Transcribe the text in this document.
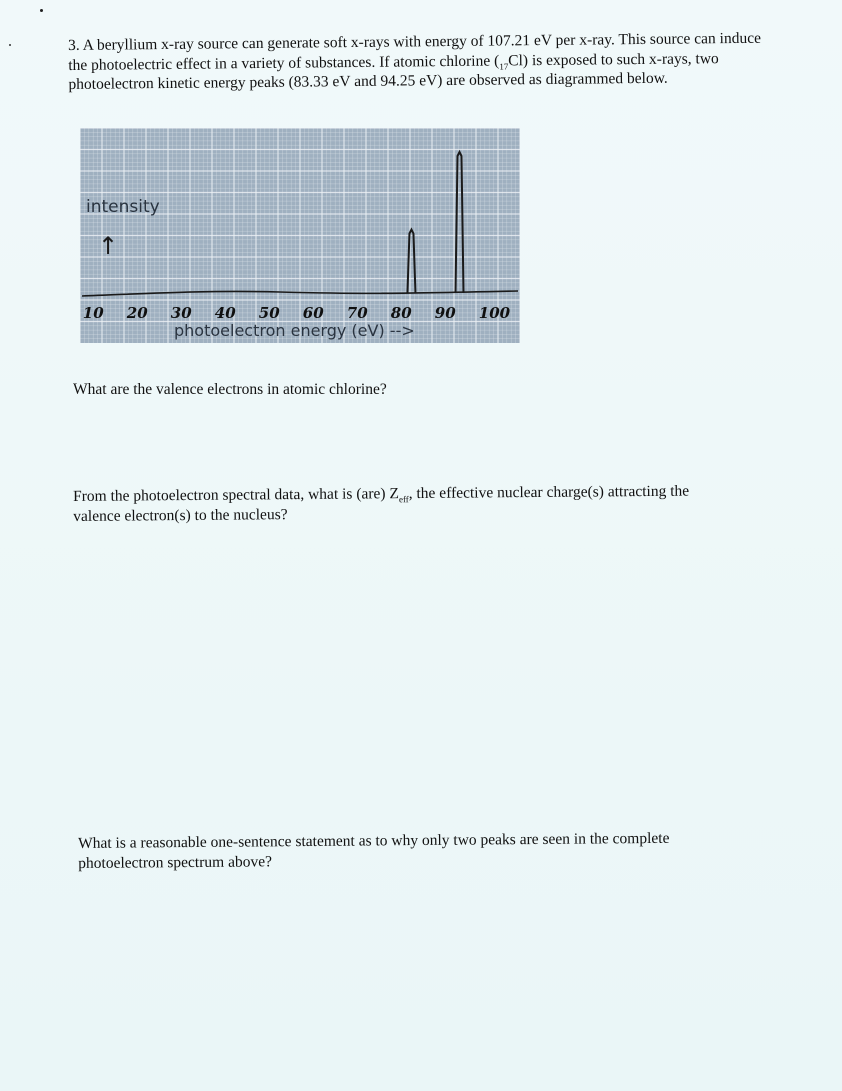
3. A beryllium x-ray source can generate soft x-rays with energy of 107.21 eV per x-ray. This source can induce the photoelectric effect in a variety of substances. If atomic chlorine $(_{17}Cl)$ is exposed to such x-rays, two photoelectron kinetic energy peaks (83.33 eV and 94.25 eV) are observed as diagrammed below.

10 20 30 40 50 60 70 80 90 100
intensity
↑
photoelectron energy (eV) -->
What are the valence electrons in atomic chlorine?
From the photoelectron spectral data, what is (are) $Z_{eff}$, the effective nuclear charge(s) attracting the valence electron(s) to the nucleus?
What is a reasonable one-sentence statement as to why only two peaks are seen in the complete photoelectron spectrum above?
